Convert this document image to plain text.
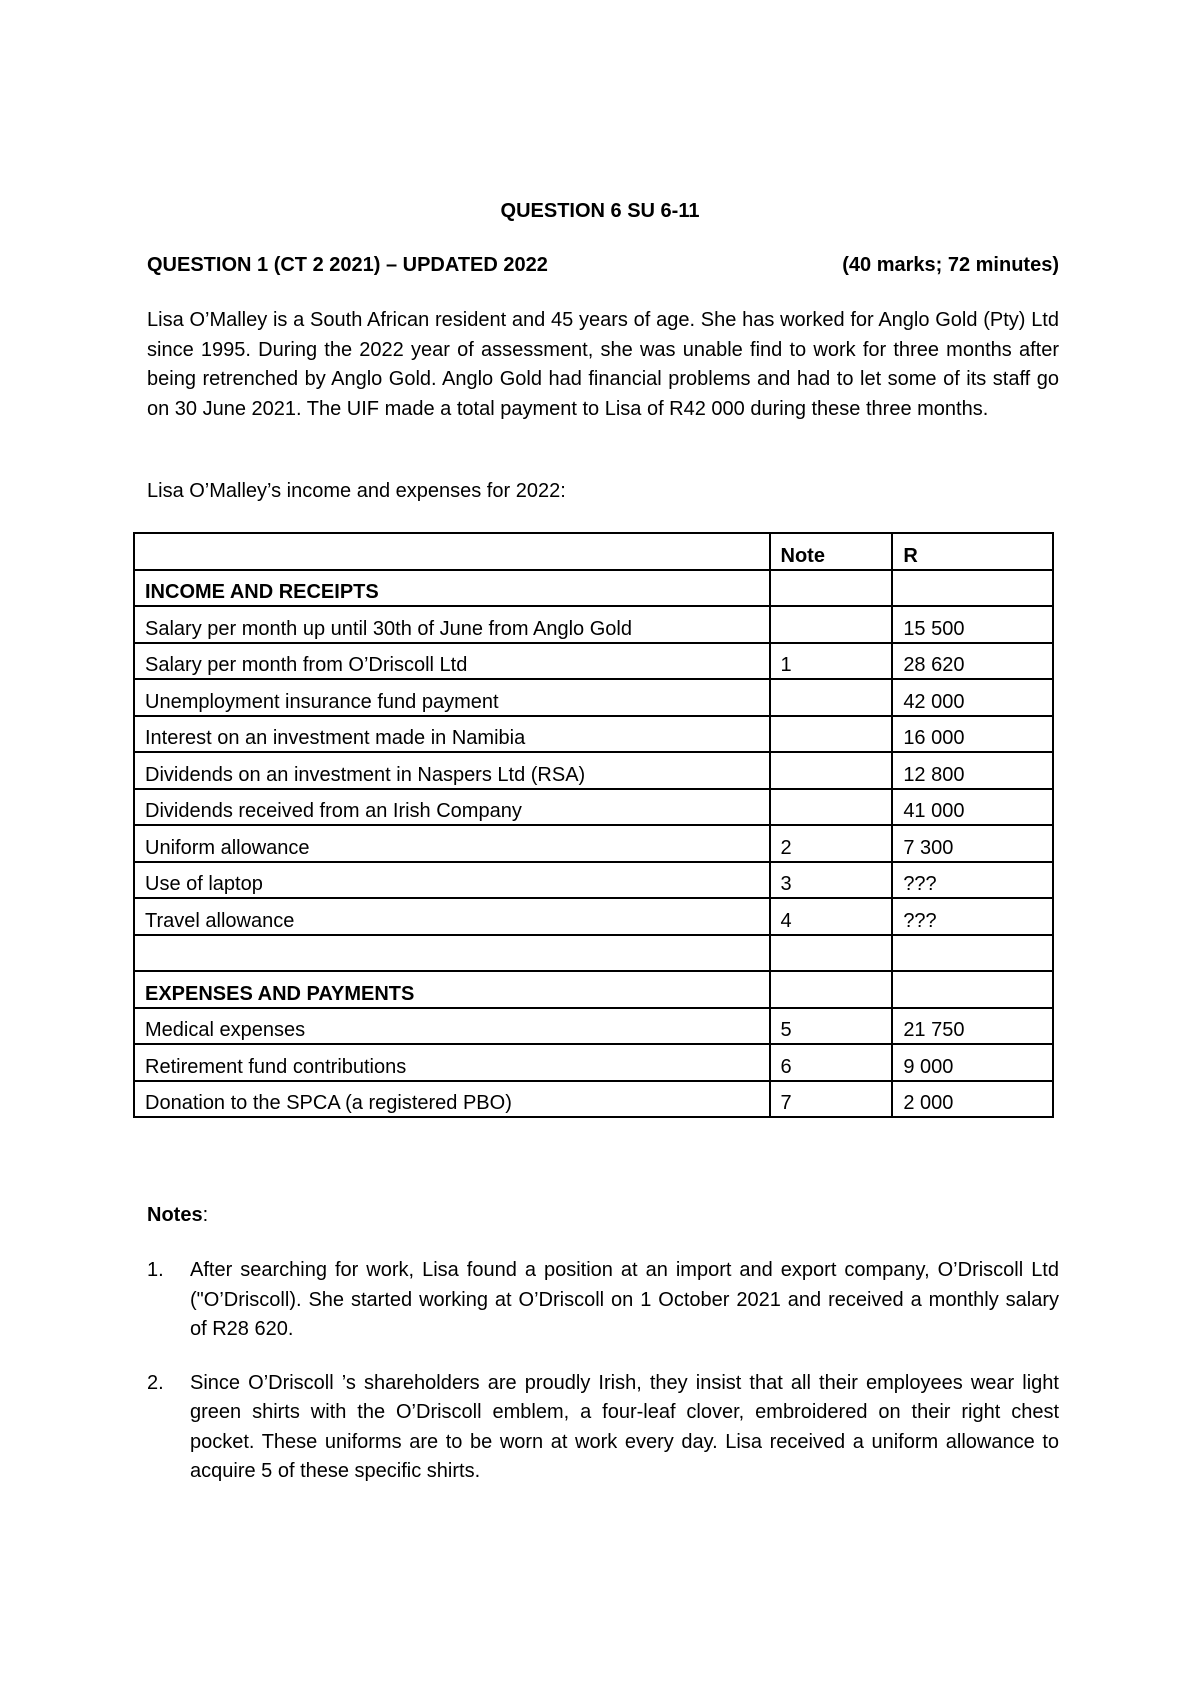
QUESTION 6 SU 6-11
QUESTION 1 (CT 2 2021) – UPDATED 2022	(40 marks; 72 minutes)

Lisa O’Malley is a South African resident and 45 years of age. She has worked for Anglo Gold (Pty) Ltd since 1995. During the 2022 year of assessment, she was unable find to work for three months after being retrenched by Anglo Gold. Anglo Gold had financial problems and had to let some of its staff go on 30 June 2021. The UIF made a total payment to Lisa of R42 000 during these three months.

Lisa O’Malley’s income and expenses for 2022:

	Note	R
INCOME AND RECEIPTS		
Salary per month up until 30th of June from Anglo Gold		15 500
Salary per month from O’Driscoll Ltd	1	28 620
Unemployment insurance fund payment		42 000
Interest on an investment made in Namibia		16 000
Dividends on an investment in Naspers Ltd (RSA)		12 800
Dividends received from an Irish Company		41 000
Uniform allowance	2	7 300
Use of laptop	3	???
Travel allowance	4	???

EXPENSES AND PAYMENTS		
Medical expenses	5	21 750
Retirement fund contributions	6	9 000
Donation to the SPCA (a registered PBO)	7	2 000

Notes:

1. After searching for work, Lisa found a position at an import and export company, O’Driscoll Ltd ("O’Driscoll). She started working at O’Driscoll on 1 October 2021 and received a monthly salary of R28 620.
2. Since O’Driscoll ’s shareholders are proudly Irish, they insist that all their employees wear light green shirts with the O’Driscoll emblem, a four-leaf clover, embroidered on their right chest pocket. These uniforms are to be worn at work every day. Lisa received a uniform allowance to acquire 5 of these specific shirts.
